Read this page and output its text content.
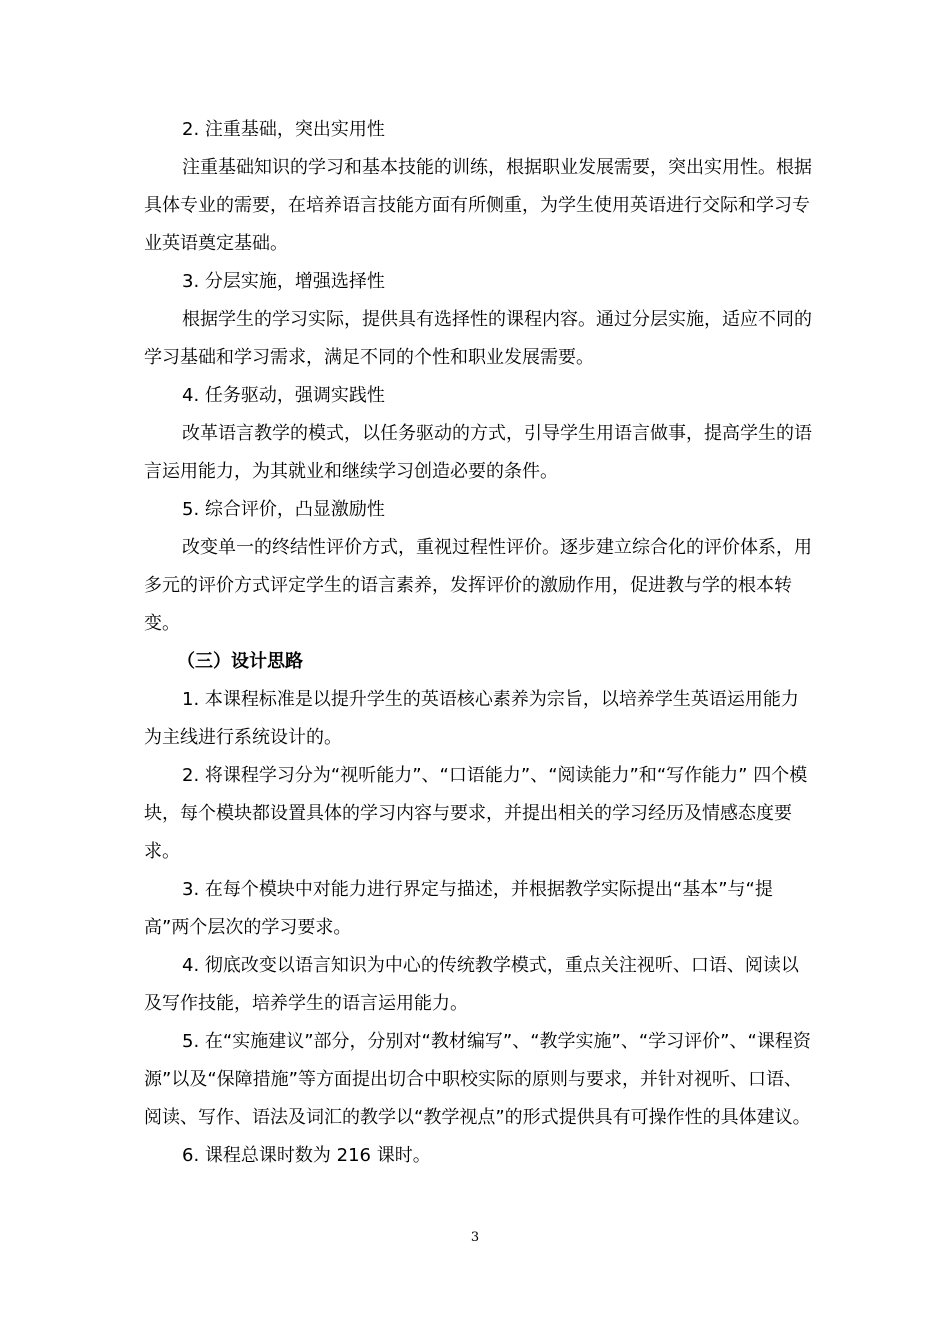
2. 注重基础，突出实用性

注重基础知识的学习和基本技能的训练，根据职业发展需要，突出实用性。根据具体专业的需要，在培养语言技能方面有所侧重，为学生使用英语进行交际和学习专业英语奠定基础。

3. 分层实施，增强选择性

根据学生的学习实际，提供具有选择性的课程内容。通过分层实施，适应不同的学习基础和学习需求，满足不同的个性和职业发展需要。

4. 任务驱动，强调实践性

改革语言教学的模式，以任务驱动的方式，引导学生用语言做事，提高学生的语言运用能力，为其就业和继续学习创造必要的条件。

5. 综合评价，凸显激励性

改变单一的终结性评价方式，重视过程性评价。逐步建立综合化的评价体系，用多元的评价方式评定学生的语言素养，发挥评价的激励作用，促进教与学的根本转变。

（三）设计思路

1. 本课程标准是以提升学生的英语核心素养为宗旨，以培养学生英语运用能力为主线进行系统设计的。

2. 将课程学习分为“视听能力”、“口语能力”、“阅读能力”和“写作能力” 四个模块，每个模块都设置具体的学习内容与要求，并提出相关的学习经历及情感态度要求。

3. 在每个模块中对能力进行界定与描述，并根据教学实际提出“基本”与“提高”两个层次的学习要求。

4. 彻底改变以语言知识为中心的传统教学模式，重点关注视听、口语、阅读以及写作技能，培养学生的语言运用能力。

5. 在“实施建议”部分，分别对“教材编写”、“教学实施”、“学习评价”、“课程资源”以及“保障措施”等方面提出切合中职校实际的原则与要求，并针对视听、口语、阅读、写作、语法及词汇的教学以“教学视点”的形式提供具有可操作性的具体建议。

6. 课程总课时数为 216 课时。

3
